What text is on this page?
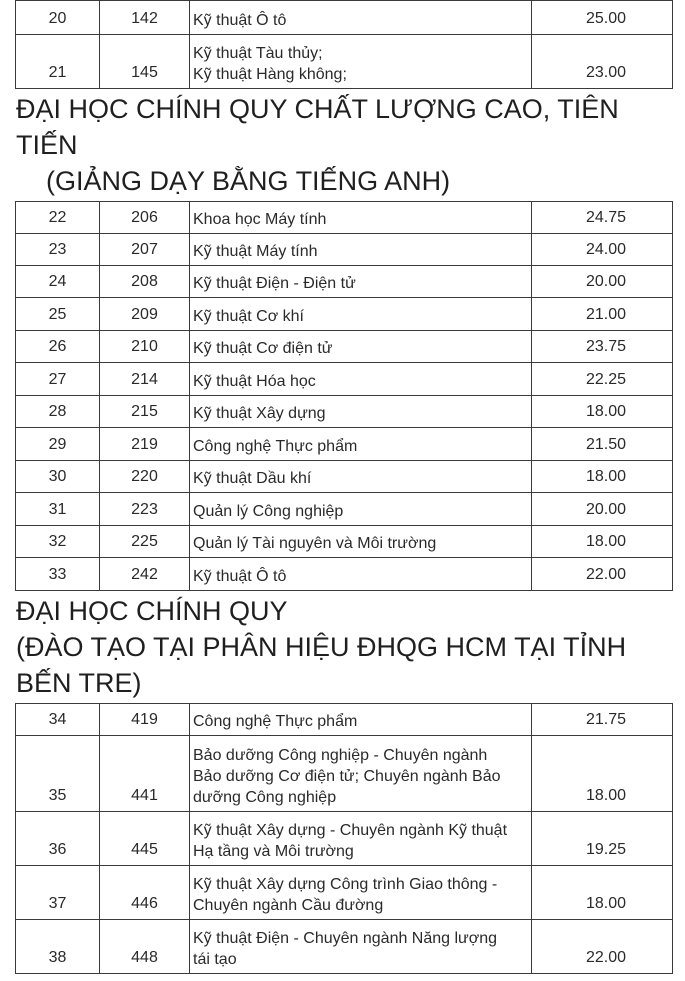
20	142	Kỹ thuật Ô tô	25.00
21	145	Kỹ thuật Tàu thủy;
Kỹ thuật Hàng không;	23.00
ĐẠI HỌC CHÍNH QUY CHẤT LƯỢNG CAO, TIÊN
TIẾN
(GIẢNG DẠY BẰNG TIẾNG ANH)
22	206	Khoa học Máy tính	24.75
23	207	Kỹ thuật Máy tính	24.00
24	208	Kỹ thuật Điện - Điện tử	20.00
25	209	Kỹ thuật Cơ khí	21.00
26	210	Kỹ thuật Cơ điện tử	23.75
27	214	Kỹ thuật Hóa học	22.25
28	215	Kỹ thuật Xây dựng	18.00
29	219	Công nghệ Thực phẩm	21.50
30	220	Kỹ thuật Dầu khí	18.00
31	223	Quản lý Công nghiệp	20.00
32	225	Quản lý Tài nguyên và Môi trường	18.00
33	242	Kỹ thuật Ô tô	22.00
ĐẠI HỌC CHÍNH QUY
(ĐÀO TẠO TẠI PHÂN HIỆU ĐHQG HCM TẠI TỈNH
BẾN TRE)
34	419	Công nghệ Thực phẩm	21.75
35	441	Bảo dưỡng Công nghiệp - Chuyên ngành
Bảo dưỡng Cơ điện tử; Chuyên ngành Bảo
dưỡng Công nghiệp	18.00
36	445	Kỹ thuật Xây dựng - Chuyên ngành Kỹ thuật
Hạ tầng và Môi trường	19.25
37	446	Kỹ thuật Xây dựng Công trình Giao thông -
Chuyên ngành Cầu đường	18.00
38	448	Kỹ thuật Điện - Chuyên ngành Năng lượng
tái tạo	22.00
